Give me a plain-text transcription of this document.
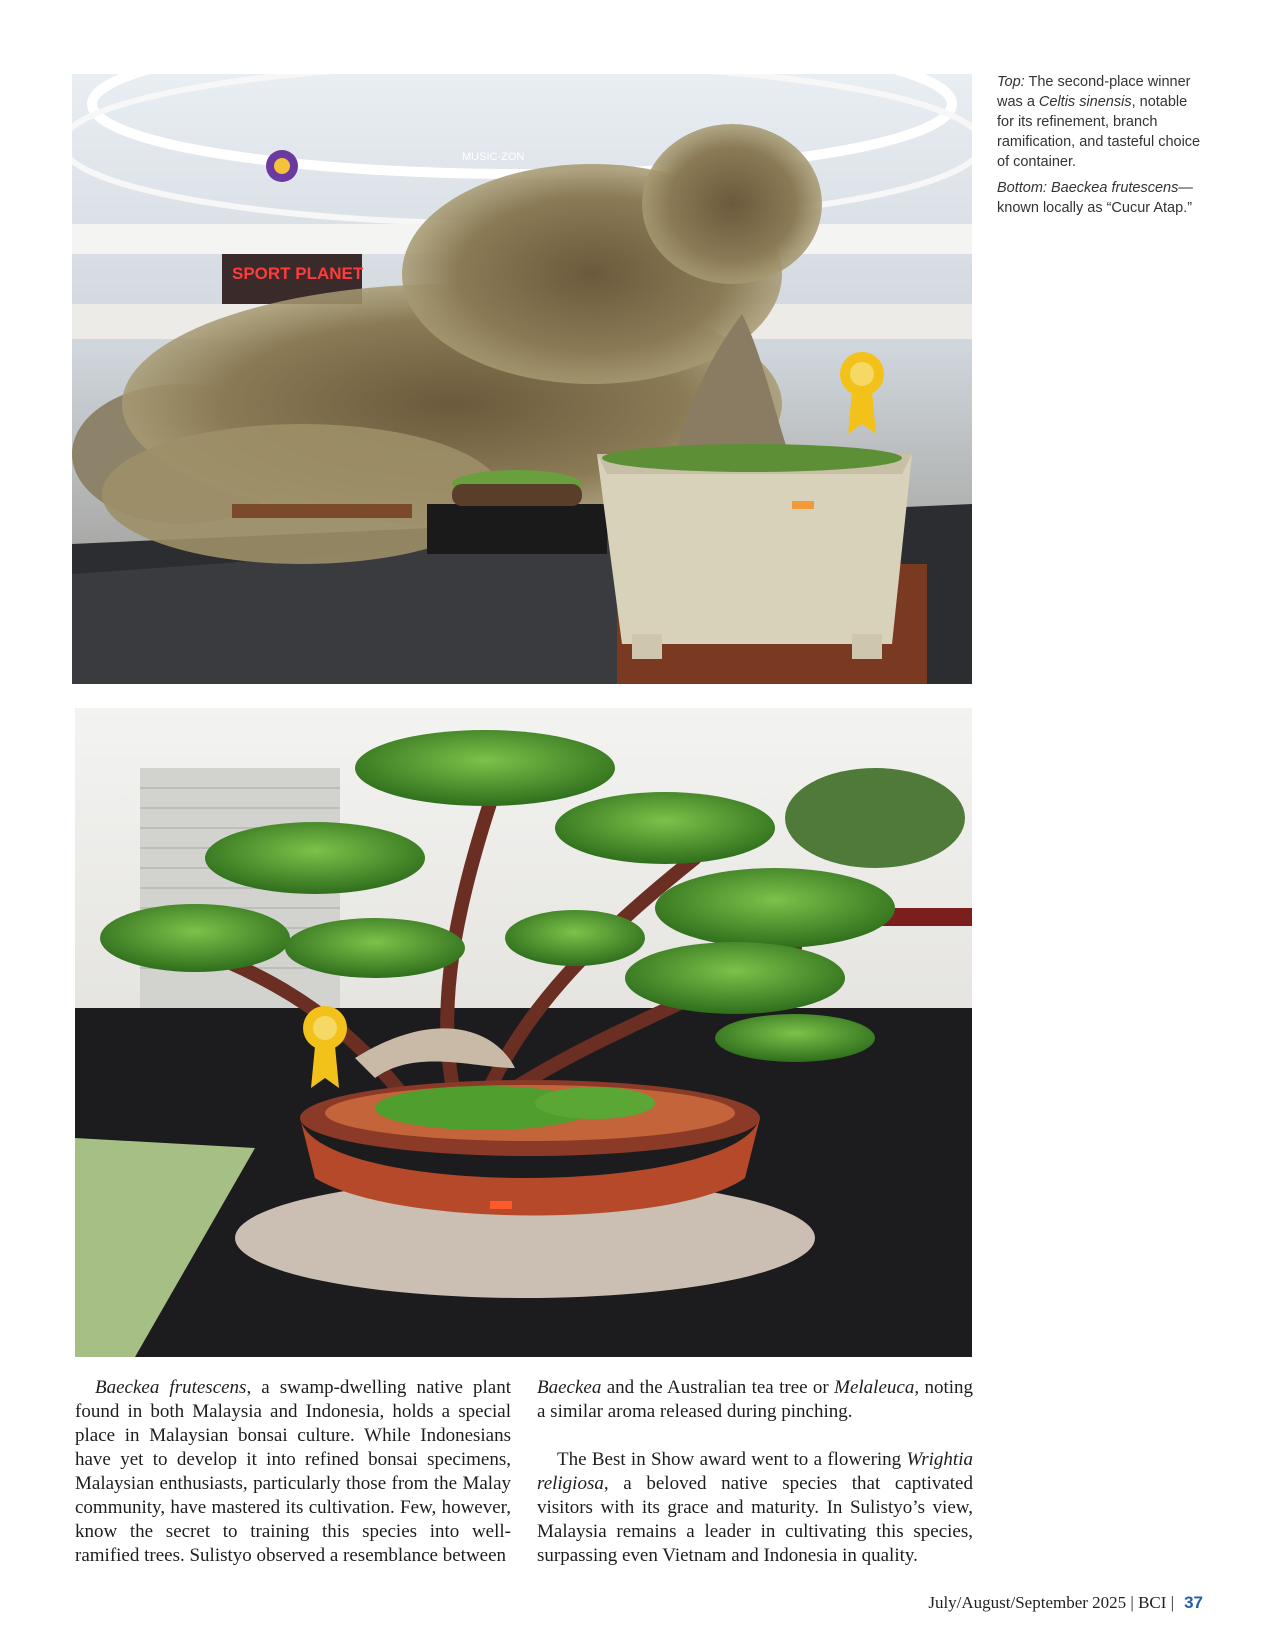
SPORT PLANET
MUSIC·ZON

Top: The second-place winner was a Celtis sinensis, notable for its refinement, branch ramification, and tasteful choice of container.

Bottom: Baeckea frutescens— known locally as “Cucur Atap.”

Baeckea frutescens, a swamp-dwelling native plant found in both Malaysia and Indonesia, holds a special place in Malaysian bonsai culture. While Indonesians have yet to develop it into refined bonsai specimens, Malaysian enthusiasts, particularly those from the Malay community, have mastered its cultivation. Few, however, know the secret to training this species into well-ramified trees. Sulistyo observed a resemblance between

Baeckea and the Australian tea tree or Melaleuca, noting a similar aroma released during pinching.

The Best in Show award went to a flowering Wrightia religiosa, a beloved native species that captivated visitors with its grace and maturity. In Sulistyo’s view, Malaysia remains a leader in cultivating this species, surpassing even Vietnam and Indonesia in quality.

July/August/September 2025 | BCI | 37
